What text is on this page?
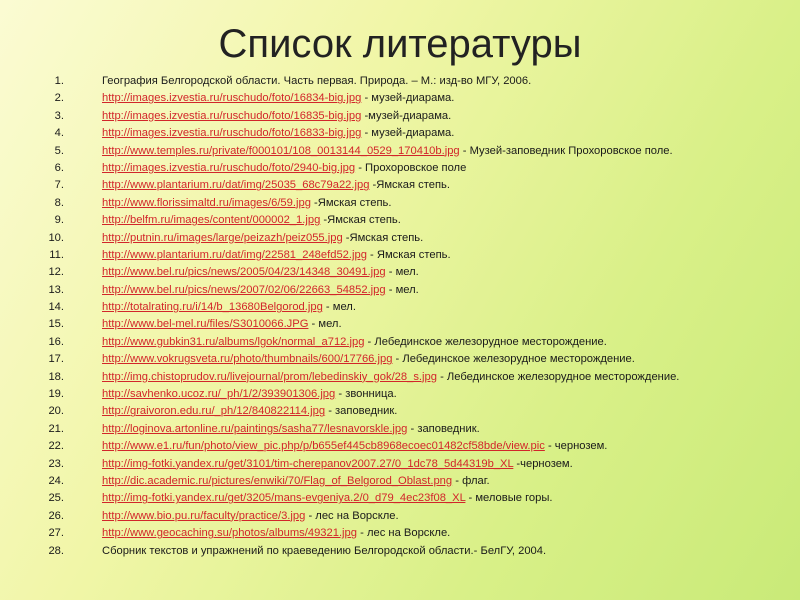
Список литературы
1.	География Белгородской области. Часть первая. Природа. – М.: изд-во МГУ, 2006.
2.	http://images.izvestia.ru/ruschudo/foto/16834-big.jpg - музей-диарама.
3.	http://images.izvestia.ru/ruschudo/foto/16835-big.jpg -музей-диарама.
4.	http://images.izvestia.ru/ruschudo/foto/16833-big.jpg - музей-диарама.
5.	http://www.temples.ru/private/f000101/108_0013144_0529_170410b.jpg - Музей-заповедник Прохоровское поле.
6.	http://images.izvestia.ru/ruschudo/foto/2940-big.jpg - Прохоровское поле
7.	http://www.plantarium.ru/dat/img/25035_68c79a22.jpg -Ямская степь.
8.	http://www.florissimaltd.ru/images/6/59.jpg -Ямская степь.
9.	http://belfm.ru/images/content/000002_1.jpg -Ямская степь.
10.	http://putnin.ru/images/large/peizazh/peiz055.jpg -Ямская степь.
11.	http://www.plantarium.ru/dat/img/22581_248efd52.jpg - Ямская степь.
12.	http://www.bel.ru/pics/news/2005/04/23/14348_30491.jpg - мел.
13.	http://www.bel.ru/pics/news/2007/02/06/22663_54852.jpg - мел.
14.	http://totalrating.ru/i/14/b_13680Belgorod.jpg - мел.
15.	http://www.bel-mel.ru/files/S3010066.JPG - мел.
16.	http://www.gubkin31.ru/albums/lgok/normal_a712.jpg - Лебединское железорудное месторождение.
17.	http://www.vokrugsveta.ru/photo/thumbnails/600/17766.jpg - Лебединское железорудное месторождение.
18.	http://img.chistoprudov.ru/livejournal/prom/lebedinskiy_gok/28_s.jpg - Лебединское железорудное месторождение.
19.	http://savhenko.ucoz.ru/_ph/1/2/393901306.jpg - звонница.
20.	http://graivoron.edu.ru/_ph/12/840822114.jpg - заповедник.
21.	http://loginova.artonline.ru/paintings/sasha77/lesnavorskle.jpg - заповедник.
22.	http://www.e1.ru/fun/photo/view_pic.php/p/b655ef445cb8968ecoec01482cf58bde/view.pic - чернозем.
23.	http://img-fotki.yandex.ru/get/3101/tim-cherepanov2007.27/0_1dc78_5d44319b_XL -чернозем.
24.	http://dic.academic.ru/pictures/enwiki/70/Flag_of_Belgorod_Oblast.png - флаг.
25.	http://img-fotki.yandex.ru/get/3205/mans-evgeniya.2/0_d79_4ec23f08_XL - меловые горы.
26.	http://www.bio.pu.ru/faculty/practice/3.jpg - лес на Ворскле.
27.	http://www.geocaching.su/photos/albums/49321.jpg - лес на Ворскле.
28.	Сборник текстов и упражнений по краеведению Белгородской области.- БелГУ, 2004.
